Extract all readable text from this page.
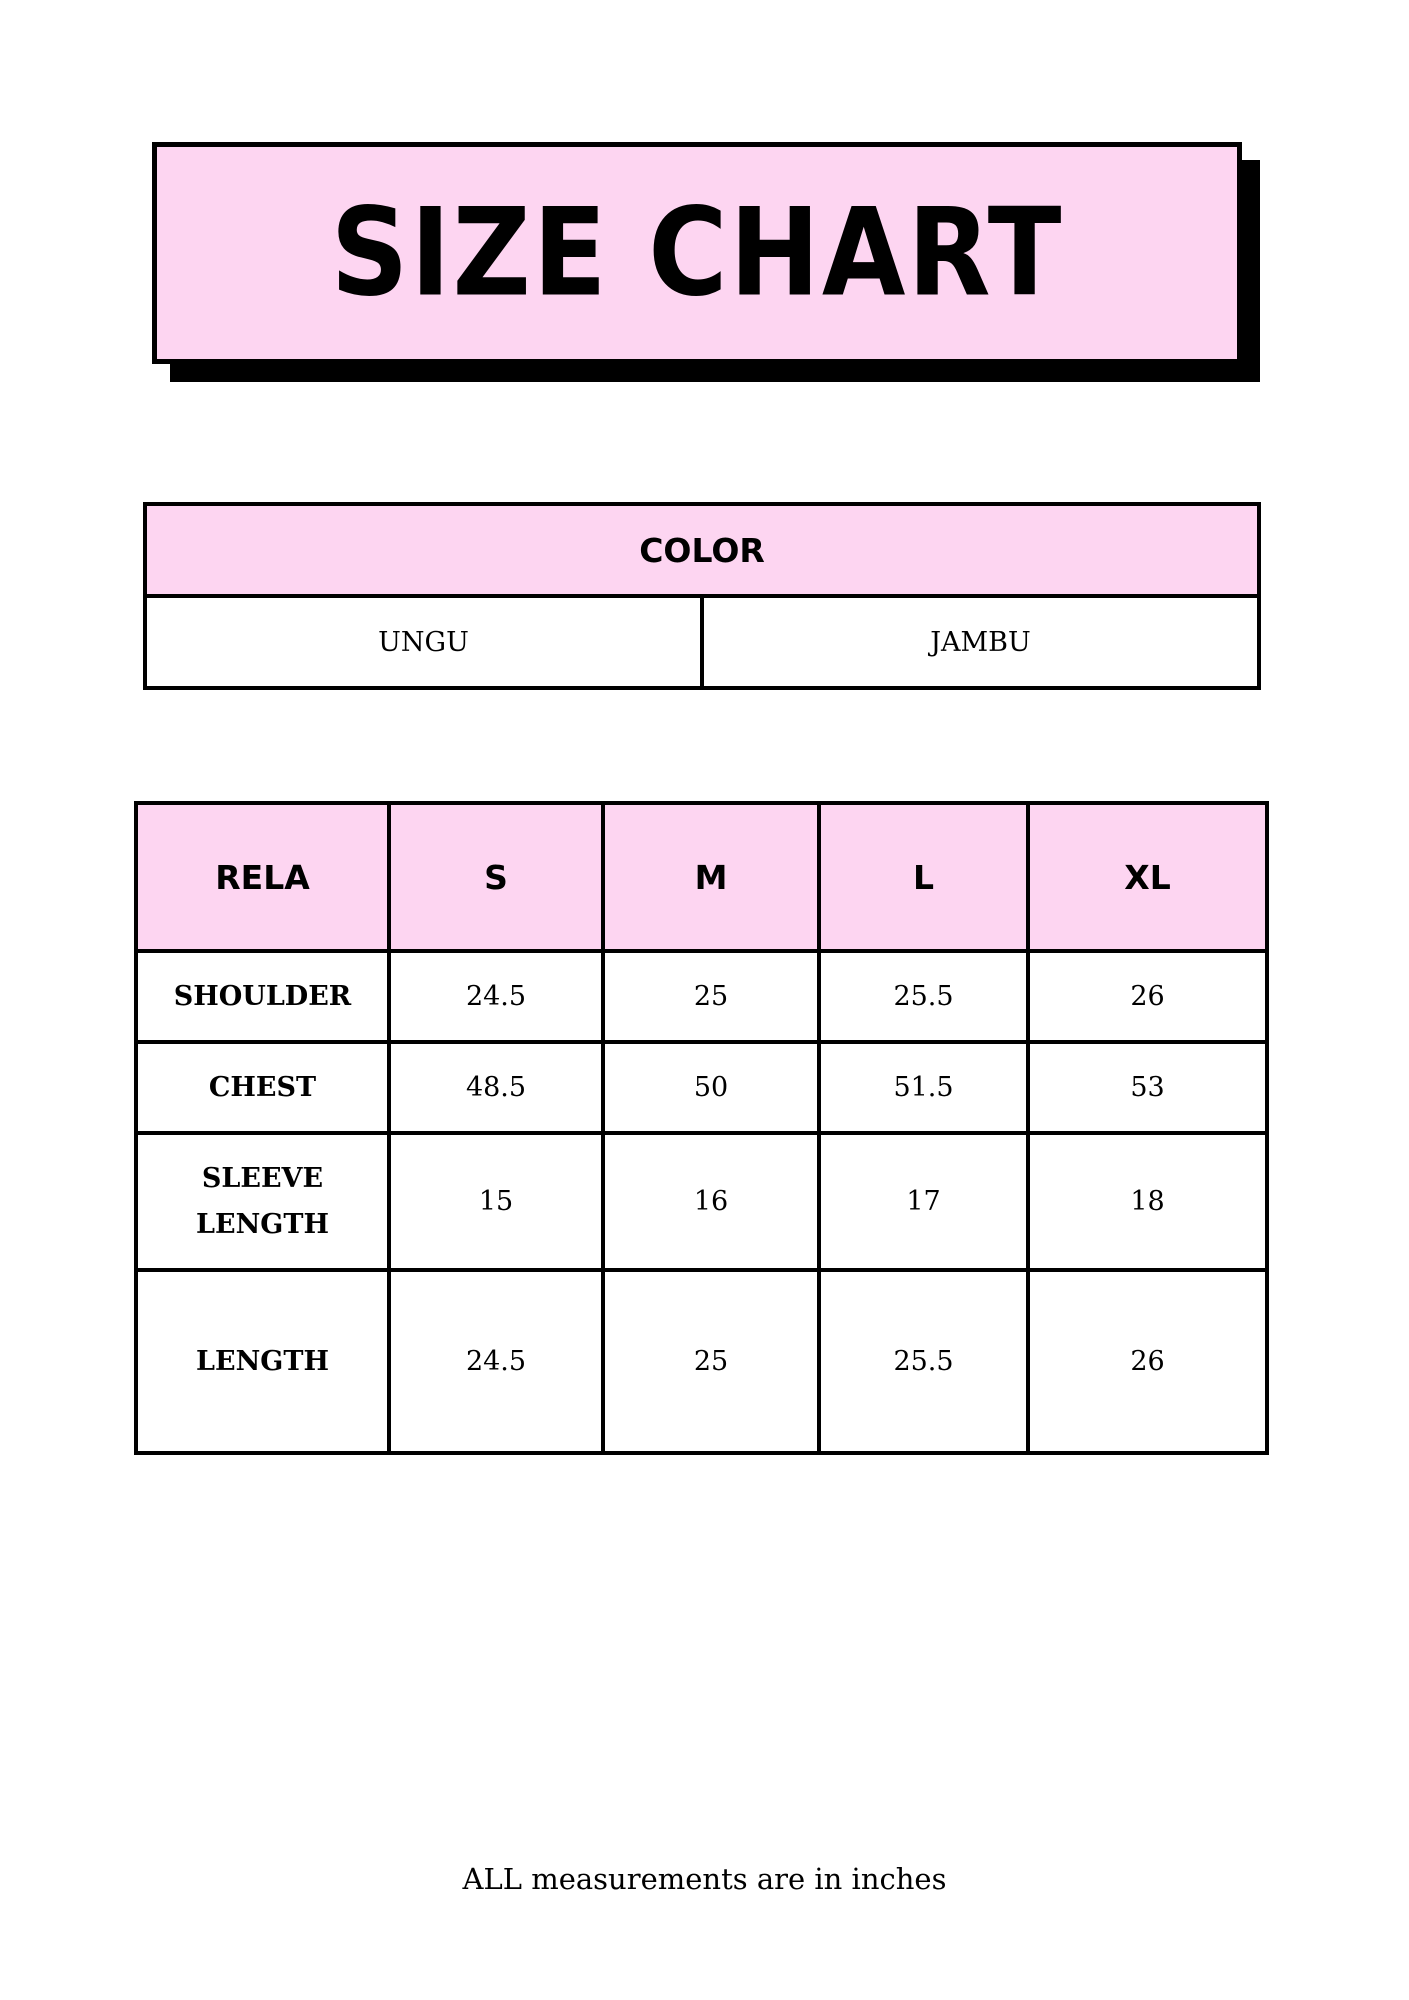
SIZE CHART
COLOR
UNGU	JAMBU
RELA	S	M	L	XL

SHOULDER	24.5	25	25.5	26

CHEST	48.5	50	51.5	53

SLEEVE
LENGTH	15	16	17	18

LENGTH	24.5	25	25.5	26
ALL measurements are in inches
